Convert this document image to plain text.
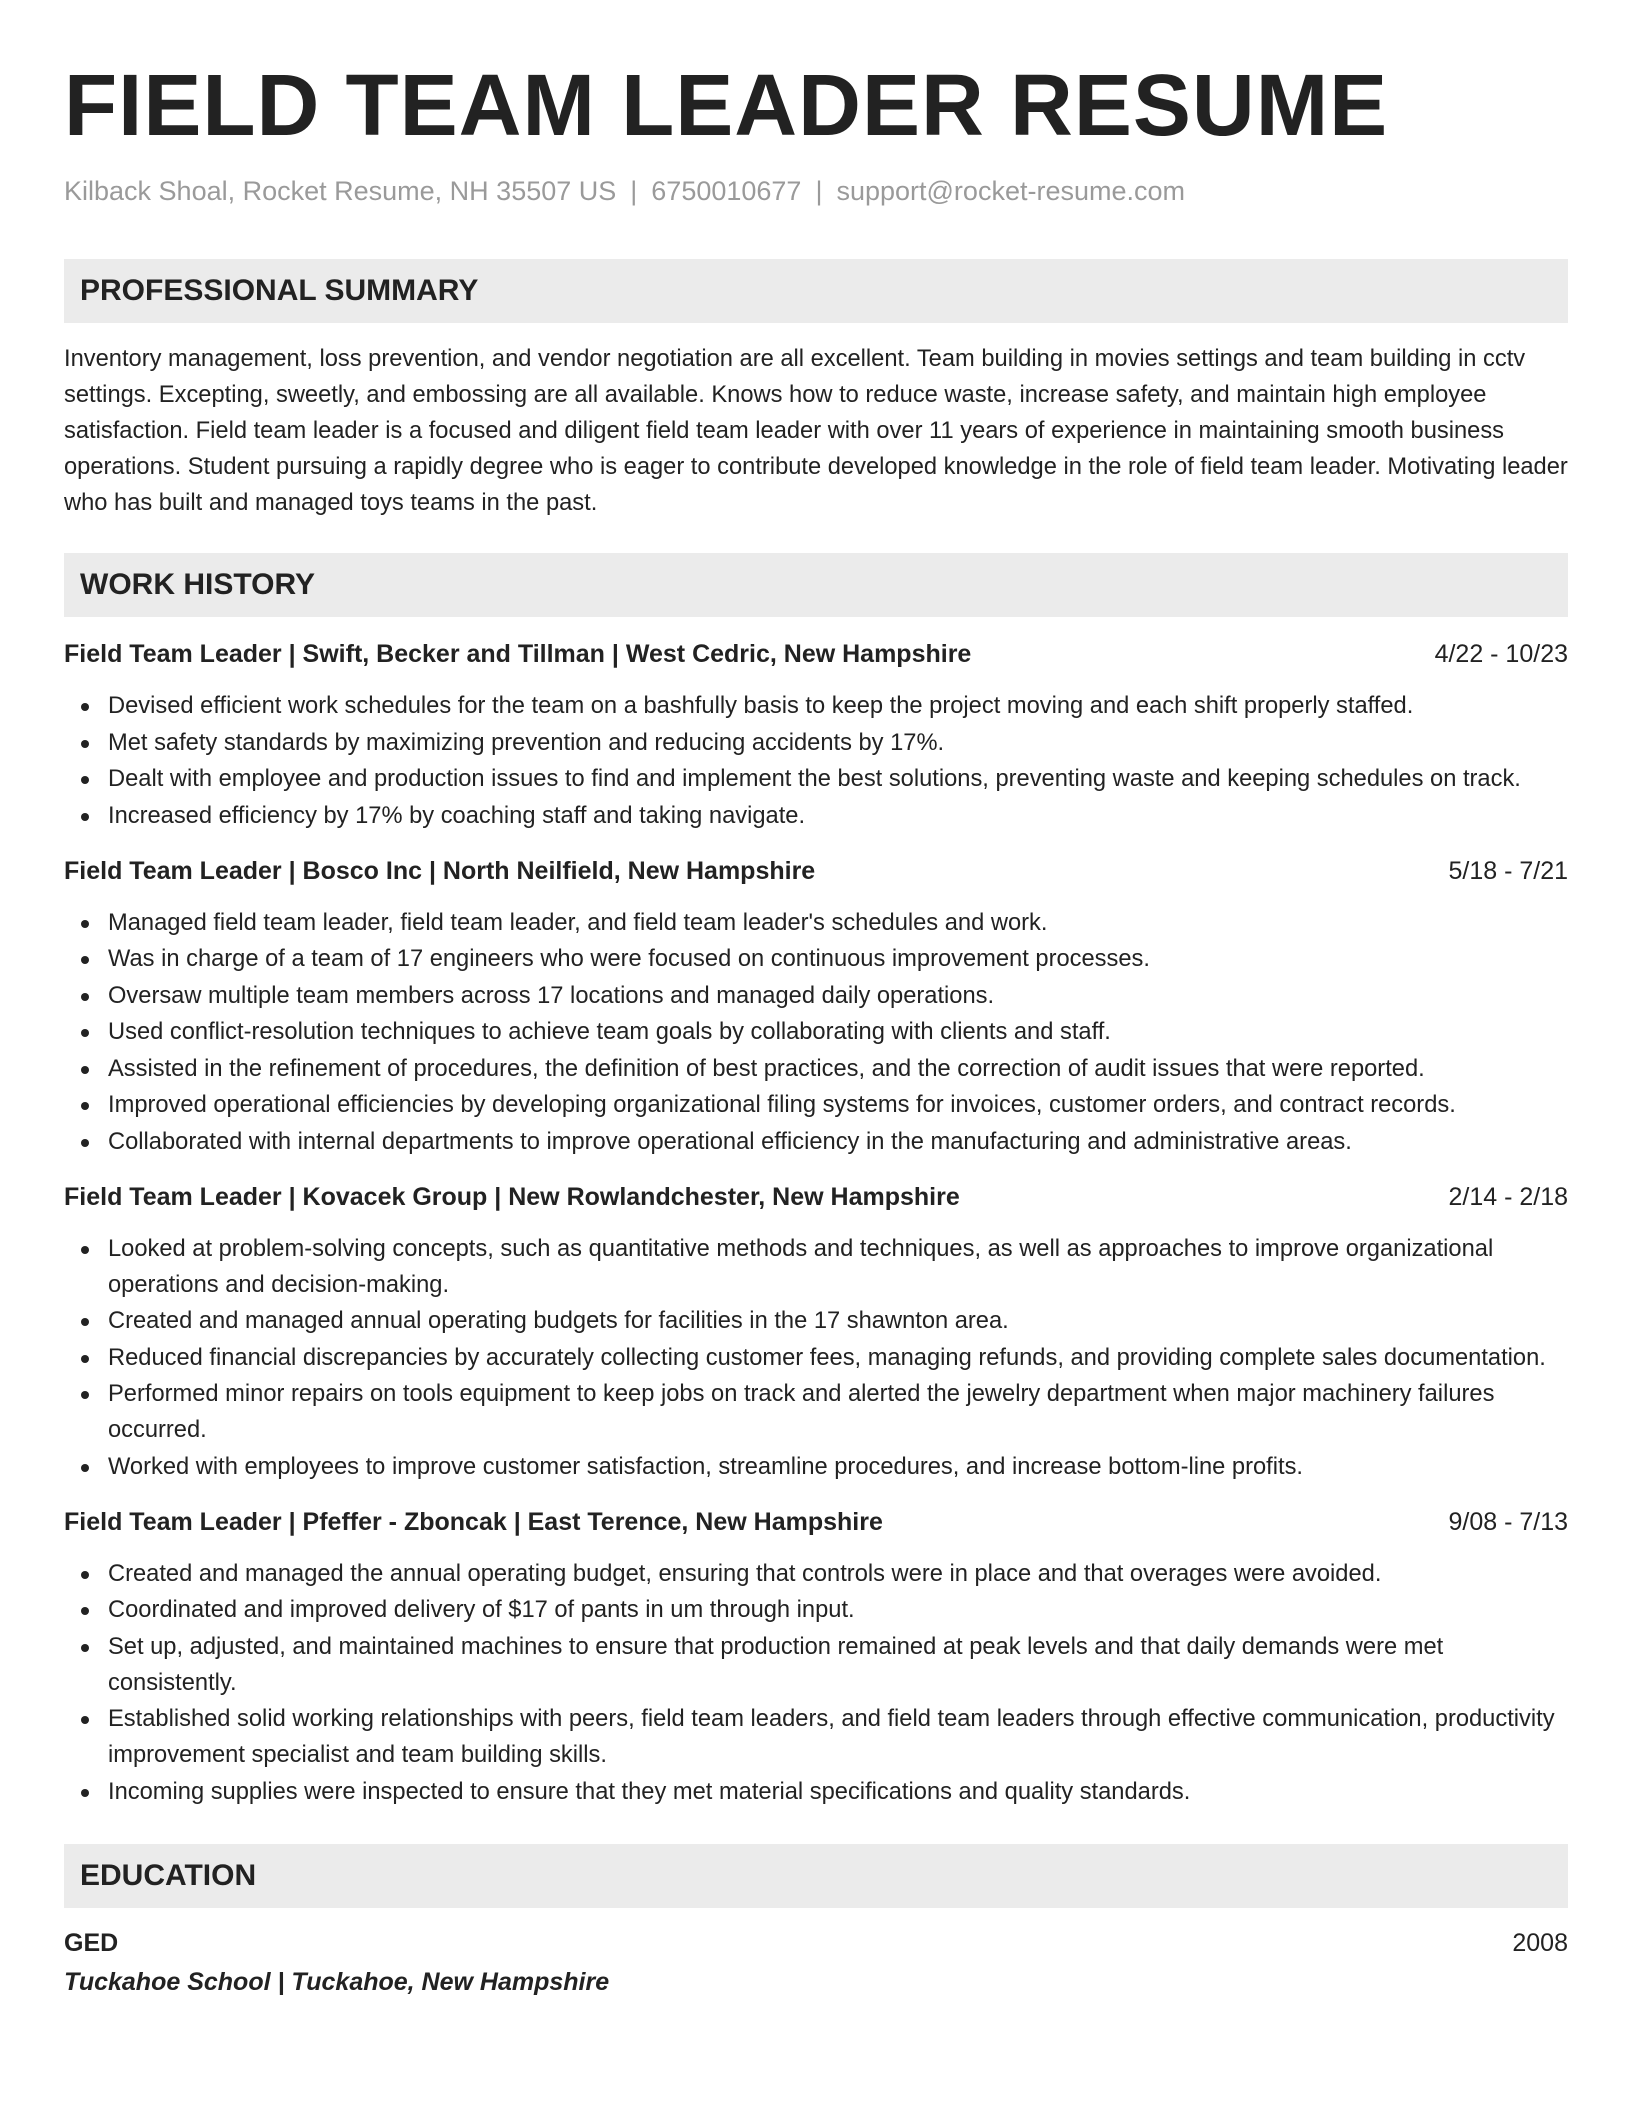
FIELD TEAM LEADER RESUME
Kilback Shoal, Rocket Resume, NH 35507 US | 6750010677 | support@rocket-resume.com
PROFESSIONAL SUMMARY

Inventory management, loss prevention, and vendor negotiation are all excellent. Team building in movies settings and team building in cctv settings. Excepting, sweetly, and embossing are all available. Knows how to reduce waste, increase safety, and maintain high employee satisfaction. Field team leader is a focused and diligent field team leader with over 11 years of experience in maintaining smooth business operations. Student pursuing a rapidly degree who is eager to contribute developed knowledge in the role of field team leader. Motivating leader who has built and managed toys teams in the past.

WORK HISTORY
Field Team Leader | Swift, Becker and Tillman | West Cedric, New Hampshire	4/22 - 10/23
Devised efficient work schedules for the team on a bashfully basis to keep the project moving and each shift properly staffed.
Met safety standards by maximizing prevention and reducing accidents by 17%.
Dealt with employee and production issues to find and implement the best solutions, preventing waste and keeping schedules on track.
Increased efficiency by 17% by coaching staff and taking navigate.
Field Team Leader | Bosco Inc | North Neilfield, New Hampshire	5/18 - 7/21
Managed field team leader, field team leader, and field team leader's schedules and work.
Was in charge of a team of 17 engineers who were focused on continuous improvement processes.
Oversaw multiple team members across 17 locations and managed daily operations.
Used conflict-resolution techniques to achieve team goals by collaborating with clients and staff.
Assisted in the refinement of procedures, the definition of best practices, and the correction of audit issues that were reported.
Improved operational efficiencies by developing organizational filing systems for invoices, customer orders, and contract records.
Collaborated with internal departments to improve operational efficiency in the manufacturing and administrative areas.
Field Team Leader | Kovacek Group | New Rowlandchester, New Hampshire	2/14 - 2/18
Looked at problem-solving concepts, such as quantitative methods and techniques, as well as approaches to improve organizational operations and decision-making.
Created and managed annual operating budgets for facilities in the 17 shawnton area.
Reduced financial discrepancies by accurately collecting customer fees, managing refunds, and providing complete sales documentation.
Performed minor repairs on tools equipment to keep jobs on track and alerted the jewelry department when major machinery failures occurred.
Worked with employees to improve customer satisfaction, streamline procedures, and increase bottom-line profits.
Field Team Leader | Pfeffer - Zboncak | East Terence, New Hampshire	9/08 - 7/13
Created and managed the annual operating budget, ensuring that controls were in place and that overages were avoided.
Coordinated and improved delivery of $17 of pants in um through input.
Set up, adjusted, and maintained machines to ensure that production remained at peak levels and that daily demands were met consistently.
Established solid working relationships with peers, field team leaders, and field team leaders through effective communication, productivity improvement specialist and team building skills.
Incoming supplies were inspected to ensure that they met material specifications and quality standards.
EDUCATION
GED	2008
Tuckahoe School | Tuckahoe, New Hampshire
